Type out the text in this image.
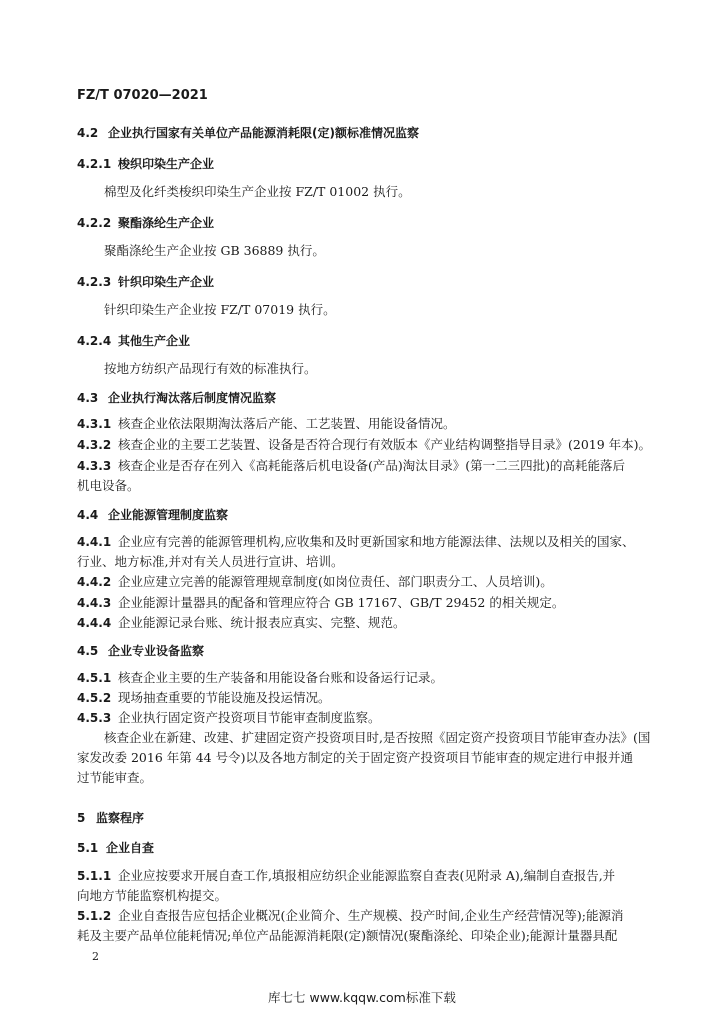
FZ/T 07020—2021
4.2 企业执行国家有关单位产品能源消耗限(定)额标准情况监察
4.2.1 梭织印染生产企业
棉型及化纤类梭织印染生产企业按 FZ/T 01002 执行。
4.2.2 聚酯涤纶生产企业
聚酯涤纶生产企业按 GB 36889 执行。
4.2.3 针织印染生产企业
针织印染生产企业按 FZ/T 07019 执行。
4.2.4 其他生产企业
按地方纺织产品现行有效的标准执行。
4.3 企业执行淘汰落后制度情况监察
4.3.1 核查企业依法限期淘汰落后产能、工艺装置、用能设备情况。
4.3.2 核查企业的主要工艺装置、设备是否符合现行有效版本《产业结构调整指导目录》(2019 年本)。
4.3.3 核查企业是否存在列入《高耗能落后机电设备(产品)淘汰目录》(第一二三四批)的高耗能落后
机电设备。
4.4 企业能源管理制度监察
4.4.1 企业应有完善的能源管理机构,应收集和及时更新国家和地方能源法律、法规以及相关的国家、
行业、地方标准,并对有关人员进行宣讲、培训。
4.4.2 企业应建立完善的能源管理规章制度(如岗位责任、部门职责分工、人员培训)。
4.4.3 企业能源计量器具的配备和管理应符合 GB 17167、GB/T 29452 的相关规定。
4.4.4 企业能源记录台账、统计报表应真实、完整、规范。
4.5 企业专业设备监察
4.5.1 核查企业主要的生产装备和用能设备台账和设备运行记录。
4.5.2 现场抽查重要的节能设施及投运情况。
4.5.3 企业执行固定资产投资项目节能审查制度监察。
核查企业在新建、改建、扩建固定资产投资项目时,是否按照《固定资产投资项目节能审查办法》(国
家发改委 2016 年第 44 号令)以及各地方制定的关于固定资产投资项目节能审查的规定进行申报并通
过节能审查。
5 监察程序
5.1 企业自查
5.1.1 企业应按要求开展自查工作,填报相应纺织企业能源监察自查表(见附录 A),编制自查报告,并
向地方节能监察机构提交。
5.1.2 企业自查报告应包括企业概况(企业简介、生产规模、投产时间,企业生产经营情况等);能源消
耗及主要产品单位能耗情况;单位产品能源消耗限(定)额情况(聚酯涤纶、印染企业);能源计量器具配
2
库七七 www.kqqw.com标准下载
